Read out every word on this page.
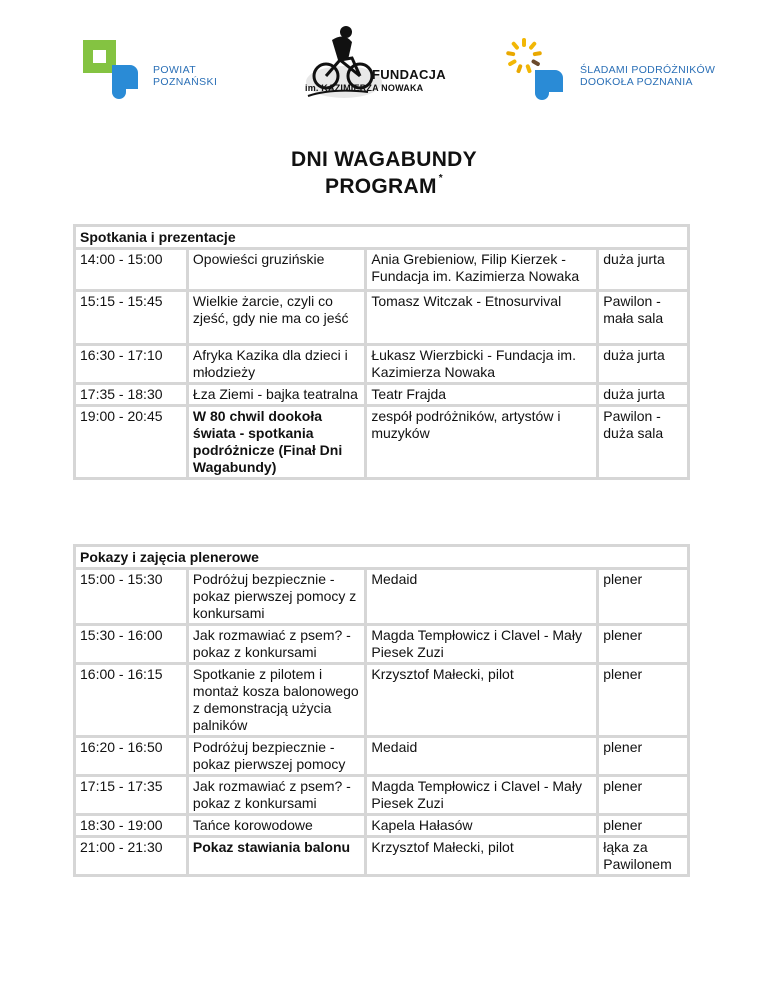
POWIAT
POZNAŃSKI	FUNDACJA
im. KAZIMIERZA NOWAKA
ŚLADAMI PODRÓŻNIKÓW
DOOKOŁA POZNANIA
DNI WAGABUNDY
PROGRAM *
Spotkania i prezentacje			
14:00 - 15:00	Opowieści gruzińskie	Ania Grebieniow, Filip Kierzek - Fundacja im. Kazimierza Nowaka	duża jurta
15:15 - 15:45	Wielkie żarcie, czyli co zjeść, gdy nie ma co jeść	Tomasz Witczak - Etnosurvival	Pawilon - mała sala
16:30 - 17:10	Afryka Kazika dla dzieci i młodzieży	Łukasz Wierzbicki - Fundacja im. Kazimierza Nowaka	duża jurta
17:35 - 18:30	Łza Ziemi - bajka teatralna	Teatr Frajda	duża jurta
19:00 - 20:45	W 80 chwil dookoła świata - spotkania podróżnicze (Finał Dni Wagabundy)	zespół podróżników, artystów i muzyków	Pawilon - duża sala
Pokazy i zajęcia plenerowe			
15:00 - 15:30	Podróżuj bezpiecznie - pokaz pierwszej pomocy z konkursami	Medaid	plener
15:30 - 16:00	Jak rozmawiać z psem? - pokaz z konkursami	Magda Tempłowicz i Clavel - Mały Piesek Zuzi	plener
16:00 - 16:15	Spotkanie z pilotem i montaż kosza balonowego z demonstracją użycia palników	Krzysztof Małecki, pilot	plener
16:20 - 16:50	Podróżuj bezpiecznie - pokaz pierwszej pomocy	Medaid	plener
17:15 - 17:35	Jak rozmawiać z psem? - pokaz z konkursami	Magda Tempłowicz i Clavel - Mały Piesek Zuzi	plener
18:30 - 19:00	Tańce korowodowe	Kapela Hałasów	plener
21:00 - 21:30	Pokaz stawiania balonu	Krzysztof Małecki, pilot	łąka za Pawilonem
